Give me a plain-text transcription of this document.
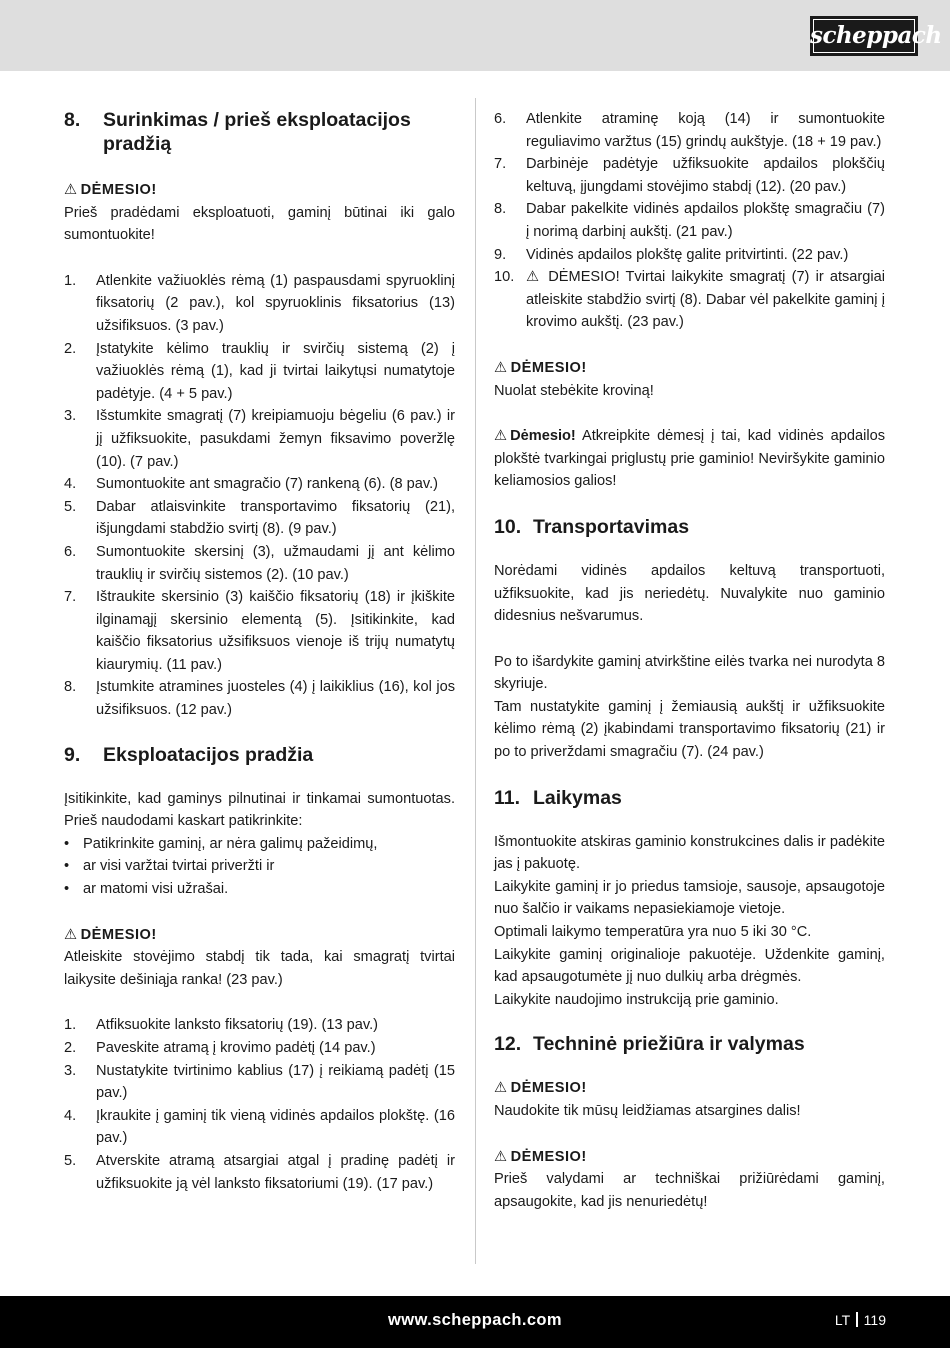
scheppach
8.	Surinkimas / prieš eksploatacijos pradžią
⚠ DĖMESIO!

Prieš pradėdami eksploatuoti, gaminį būtinai iki galo sumontuokite!

1.	Atlenkite važiuoklės rėmą (1) paspausdami spyruoklinį fiksatorių (2 pav.), kol spyruoklinis fiksatorius (13) užsifiksuos. (3 pav.)
2.	Įstatykite kėlimo trauklių ir svirčių sistemą (2) į važiuoklės rėmą (1), kad ji tvirtai laikytųsi numatytoje padėtyje. (4 + 5 pav.)
3.	Išstumkite smagratį (7) kreipiamuoju bėgeliu (6 pav.) ir jį užfiksuokite, pasukdami žemyn fiksavimo poveržlę (10). (7 pav.)
4.	Sumontuokite ant smagračio (7) rankeną (6). (8 pav.)
5.	Dabar atlaisvinkite transportavimo fiksatorių (21), išjungdami stabdžio svirtį (8). (9 pav.)
6.	Sumontuokite skersinį (3), užmaudami jį ant kėlimo trauklių ir svirčių sistemos (2). (10 pav.)
7.	Ištraukite skersinio (3) kaiščio fiksatorių (18) ir įkiškite ilginamąjį skersinio elementą (5). Įsitikinkite, kad kaiščio fiksatorius užsifiksuos vienoje iš trijų numatytų kiaurymių. (11 pav.)
8.	Įstumkite atramines juosteles (4) į laikiklius (16), kol jos užsifiksuos. (12 pav.)
9.	Eksploatacijos pradžia

Įsitikinkite, kad gaminys pilnutinai ir tinkamai sumontuotas. Prieš naudodami kaskart patikrinkite:

• Patikrinkite gaminį, ar nėra galimų pažeidimų,
• ar visi varžtai tvirtai priveržti ir
• ar matomi visi užrašai.
⚠ DĖMESIO!

Atleiskite stovėjimo stabdį tik tada, kai smagratį tvirtai laikysite dešiniąja ranka! (23 pav.)

1.	Atfiksuokite lanksto fiksatorių (19). (13 pav.)
2.	Paveskite atramą į krovimo padėtį (14 pav.)
3.	Nustatykite tvirtinimo kablius (17) į reikiamą padėtį (15 pav.)
4.	Įkraukite į gaminį tik vieną vidinės apdailos plokštę. (16 pav.)
5.	Atverskite atramą atsargiai atgal į pradinę padėtį ir užfiksuokite ją vėl lanksto fiksatoriumi (19). (17 pav.)
6.	Atlenkite atraminę koją (14) ir sumontuokite reguliavimo varžtus (15) grindų aukštyje. (18 + 19 pav.)
7.	Darbinėje padėtyje užfiksuokite apdailos plokščių keltuvą, įjungdami stovėjimo stabdį (12). (20 pav.)
8.	Dabar pakelkite vidinės apdailos plokštę smagračiu (7) į norimą darbinį aukštį. (21 pav.)
9.	Vidinės apdailos plokštę galite pritvirtinti. (22 pav.)
10. ⚠ DĖMESIO! Tvirtai laikykite smagratį (7) ir atsargiai atleiskite stabdžio svirtį (8). Dabar vėl pakelkite gaminį į krovimo aukštį. (23 pav.)
⚠ DĖMESIO!

Nuolat stebėkite kroviną!

⚠ Dėmesio! Atkreipkite dėmesį į tai, kad vidinės apdailos plokštė tvarkingai priglustų prie gaminio! Neviršykite gaminio keliamosios galios!

10. Transportavimas

Norėdami vidinės apdailos keltuvą transportuoti, užfiksuokite, kad jis neriedėtų. Nuvalykite nuo gaminio didesnius nešvarumus.

Po to išardykite gaminį atvirkštine eilės tvarka nei nurodyta 8 skyriuje.

Tam nustatykite gaminį į žemiausią aukštį ir užfiksuokite kėlimo rėmą (2) įkabindami transportavimo fiksatorių (21) ir po to priverždami smagračiu (7). (24 pav.)

11. Laikymas

Išmontuokite atskiras gaminio konstrukcines dalis ir padėkite jas į pakuotę.

Laikykite gaminį ir jo priedus tamsioje, sausoje, apsaugotoje nuo šalčio ir vaikams nepasiekiamoje vietoje.

Optimali laikymo temperatūra yra nuo 5 iki 30 °C.

Laikykite gaminį originalioje pakuotėje. Uždenkite gaminį, kad apsaugotumėte jį nuo dulkių arba drėgmės.

Laikykite naudojimo instrukciją prie gaminio.

12. Techninė priežiūra ir valymas
⚠ DĖMESIO!

Naudokite tik mūsų leidžiamas atsargines dalis!

⚠ DĖMESIO!

Prieš valydami ar techniškai prižiūrėdami gaminį, apsaugokite, kad jis nenuriedėtų!

www.scheppach.com	LT 119
